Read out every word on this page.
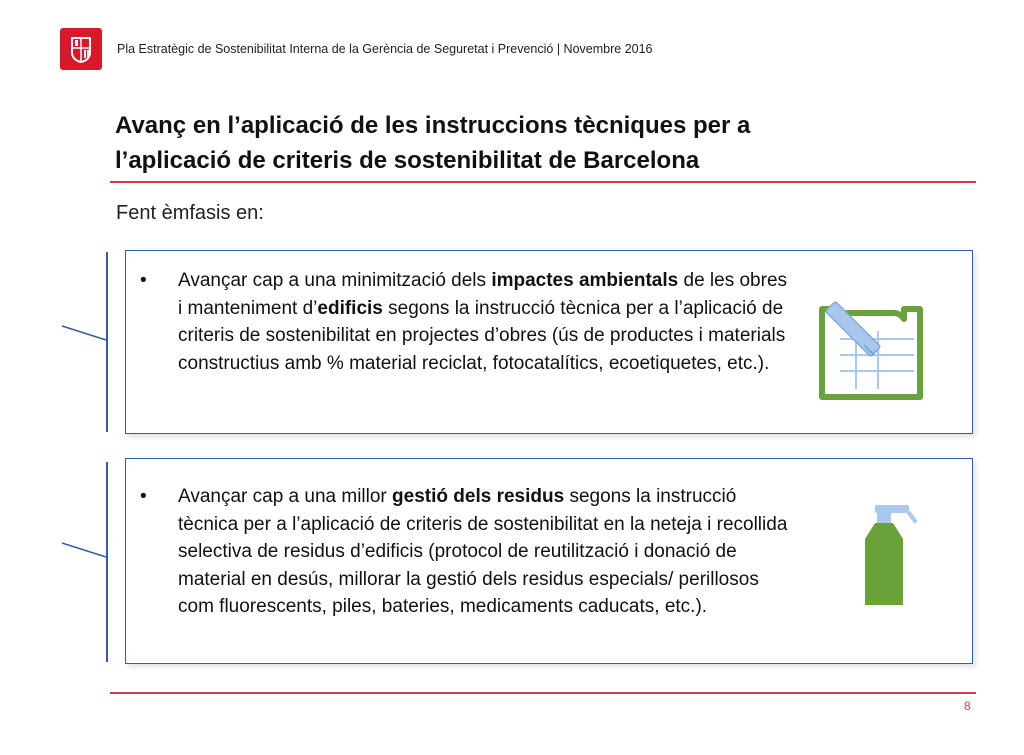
Pla Estratègic de Sostenibilitat Interna de la Gerència de Seguretat i Prevenció | Novembre 2016
Avanç en l’aplicació de les instruccions tècniques per a
l’aplicació de criteris de sostenibilitat de Barcelona
Fent èmfasis en:
• Avançar cap a una minimització dels impactes ambientals de les obres i manteniment d’edificis segons la instrucció tècnica per a l’aplicació de criteris de sostenibilitat en projectes d’obres (ús de productes i materials constructius amb % material reciclat, fotocatalítics, ecoetiquetes, etc.).
• Avançar cap a una millor gestió dels residus segons la instrucció tècnica per a l’aplicació de criteris de sostenibilitat en la neteja i recollida selectiva de residus d’edificis (protocol de reutilització i donació de material en desús, millorar la gestió dels residus especials/ perillosos com fluorescents, piles, bateries, medicaments caducats, etc.).
8
